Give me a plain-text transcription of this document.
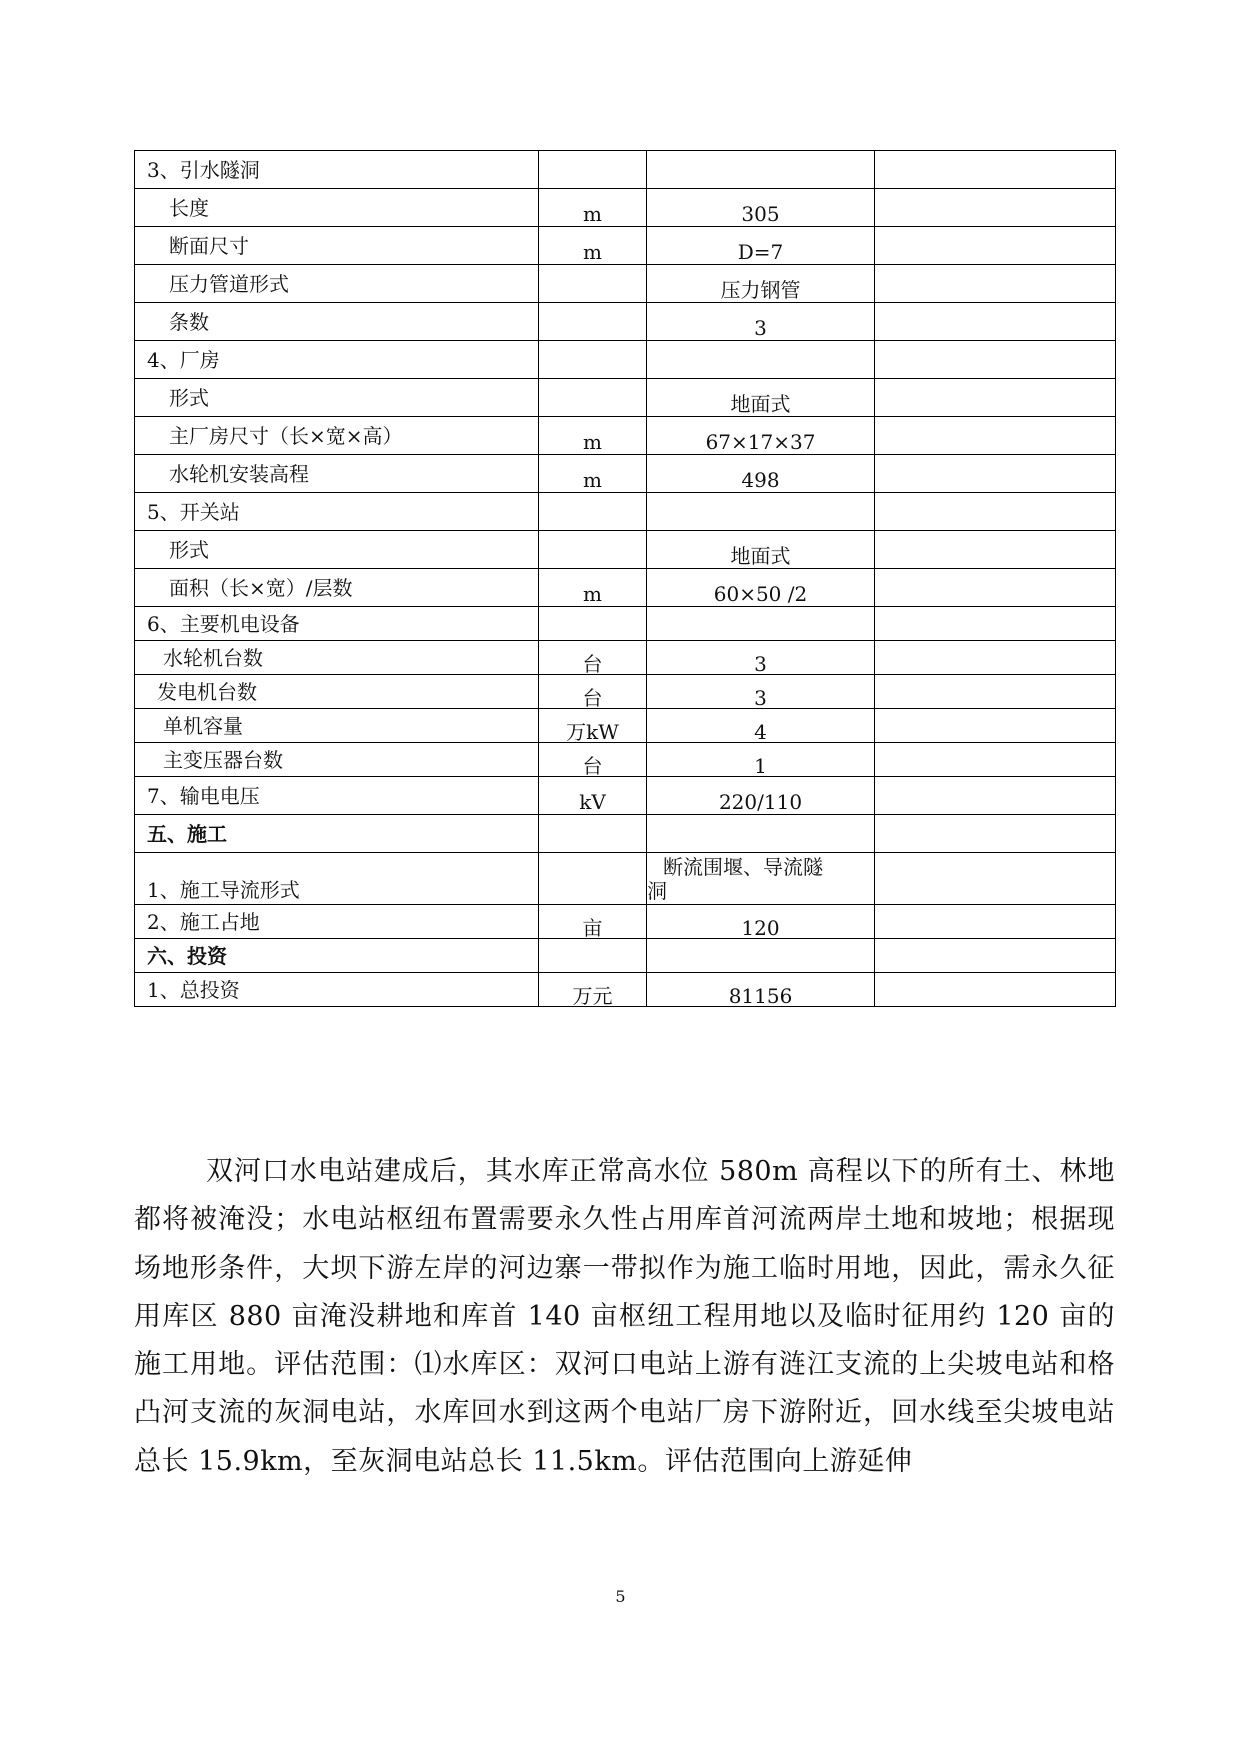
3、引水隧洞			
长度	m	305	
断面尺寸	m	D=7	
压力管道形式		压力钢管	
条数		3	
4、厂房			
形式		地面式	
主厂房尺寸（长×宽×高）	m	67×17×37	
水轮机安装高程	m	498	
5、开关站			
形式		地面式	
面积（长×宽）/层数	m	60×50 /2	
6、主要机电设备			
水轮机台数	台	3	
发电机台数	台	3	
单机容量	万kW	4	
主变压器台数	台	1	
7、输电电压	kV	220/110	
五、施工			
1、施工导流形式		断流围堰、导流隧
洞	

2、施工占地	亩	120	
六、投资			
1、总投资	万元	81156	

双河口水电站建成后，其水库正常高水位 580m 高程以下的所有土、林地都将被淹没；水电站枢纽布置需要永久性占用库首河流两岸土地和坡地；根据现场地形条件，大坝下游左岸的河边寨一带拟作为施工临时用地，因此，需永久征用库区 880 亩淹没耕地和库首 140 亩枢纽工程用地以及临时征用约 120 亩的施工用地。评估范围：⑴水库区：双河口电站上游有涟江支流的上尖坡电站和格凸河支流的灰洞电站，水库回水到这两个电站厂房下游附近，回水线至尖坡电站总长 15.9km，至灰洞电站总长 11.5km。评估范围向上游延伸

5
